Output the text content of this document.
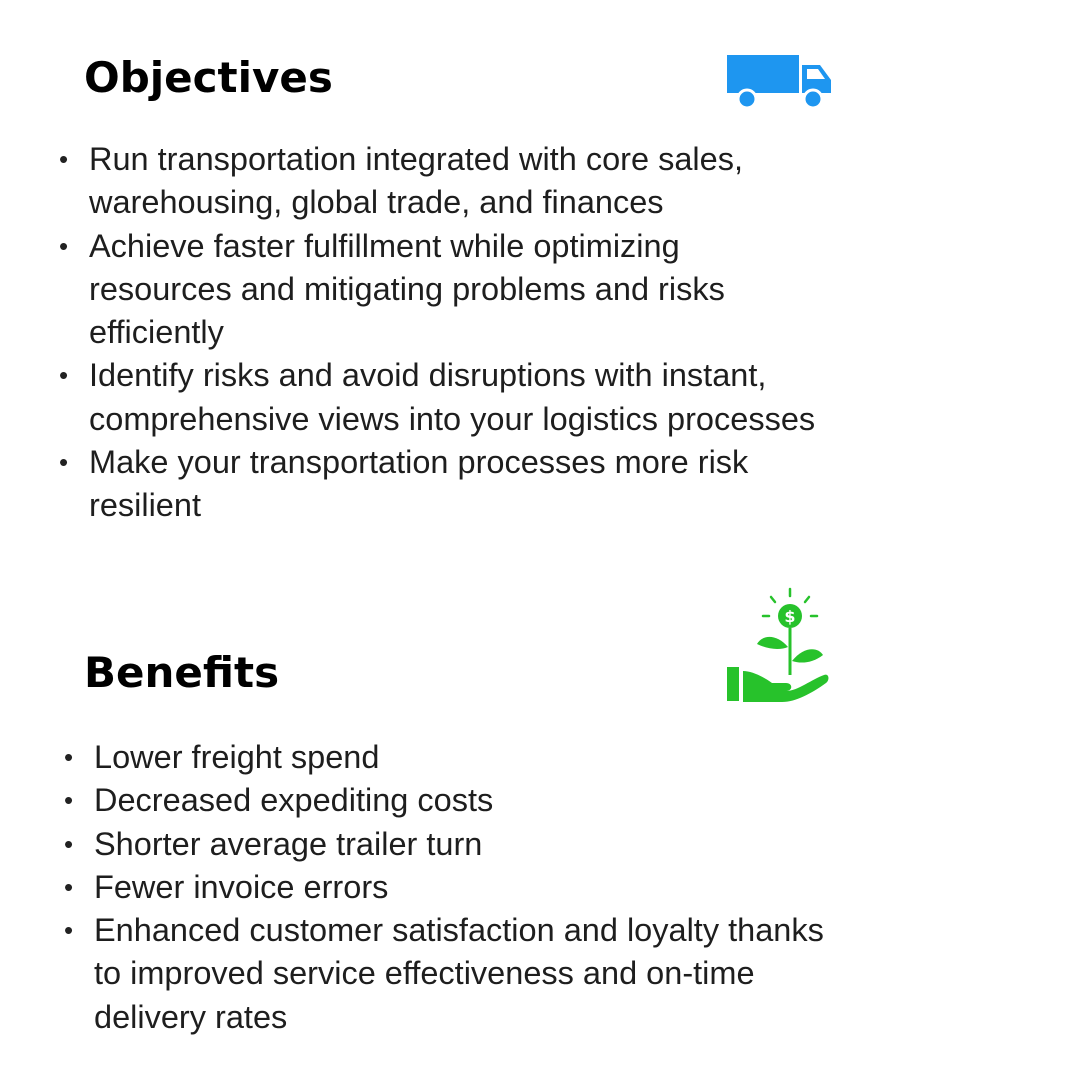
Objectives
• Run transportation integrated with core sales, warehousing, global trade, and finances
• Achieve faster fulfillment while optimizing resources and mitigating problems and risks efficiently
• Identify risks and avoid disruptions with instant, comprehensive views into your logistics processes
• Make your transportation processes more risk resilient
Benefits
$
• Lower freight spend
• Decreased expediting costs
• Shorter average trailer turn
• Fewer invoice errors
• Enhanced customer satisfaction and loyalty thanks to improved service effectiveness and on-time delivery rates
